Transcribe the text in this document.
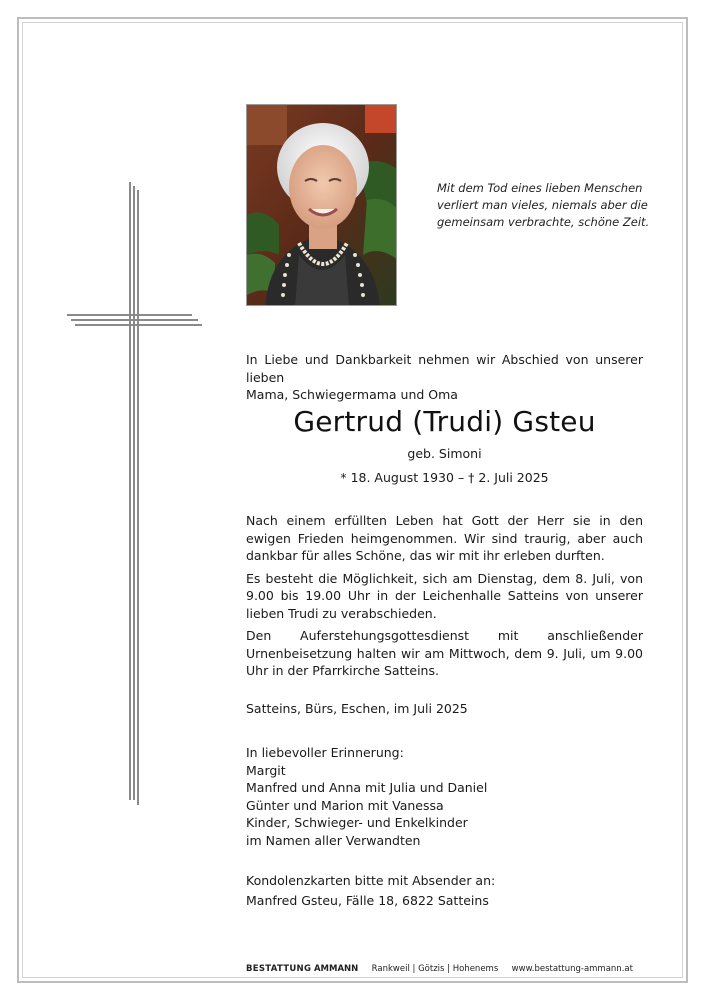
Mit dem Tod eines lieben Menschen
verliert man vieles, niemals aber die
gemeinsam verbrachte, schöne Zeit.
In Liebe und Dankbarkeit nehmen wir Abschied von unserer lieben
Mama, Schwiegermama und Oma
Gertrud (Trudi) Gsteu
geb. Simoni
* 18. August 1930 – † 2. Juli 2025

Nach einem erfüllten Leben hat Gott der Herr sie in den ewigen Frieden heimgenommen. Wir sind traurig, aber auch dankbar für alles Schöne, das wir mit ihr erleben durften.

Es besteht die Möglichkeit, sich am Dienstag, dem 8. Juli, von 9.00 bis 19.00 Uhr in der Leichenhalle Satteins von unserer lieben Trudi zu verabschieden.

Den Auferstehungsgottesdienst mit anschließender Urnenbeisetzung halten wir am Mittwoch, dem 9. Juli, um 9.00 Uhr in der Pfarrkirche Satteins.

Satteins, Bürs, Eschen, im Juli 2025
In liebevoller Erinnerung:
Margit
Manfred und Anna mit Julia und Daniel
Günter und Marion mit Vanessa
Kinder, Schwieger- und Enkelkinder
im Namen aller Verwandten
Kondolenzkarten bitte mit Absender an:
Manfred Gsteu, Fälle 18, 6822 Satteins
BESTATTUNG AMMANN Rankweil | Götzis | Hohenems www.bestattung-ammann.at
